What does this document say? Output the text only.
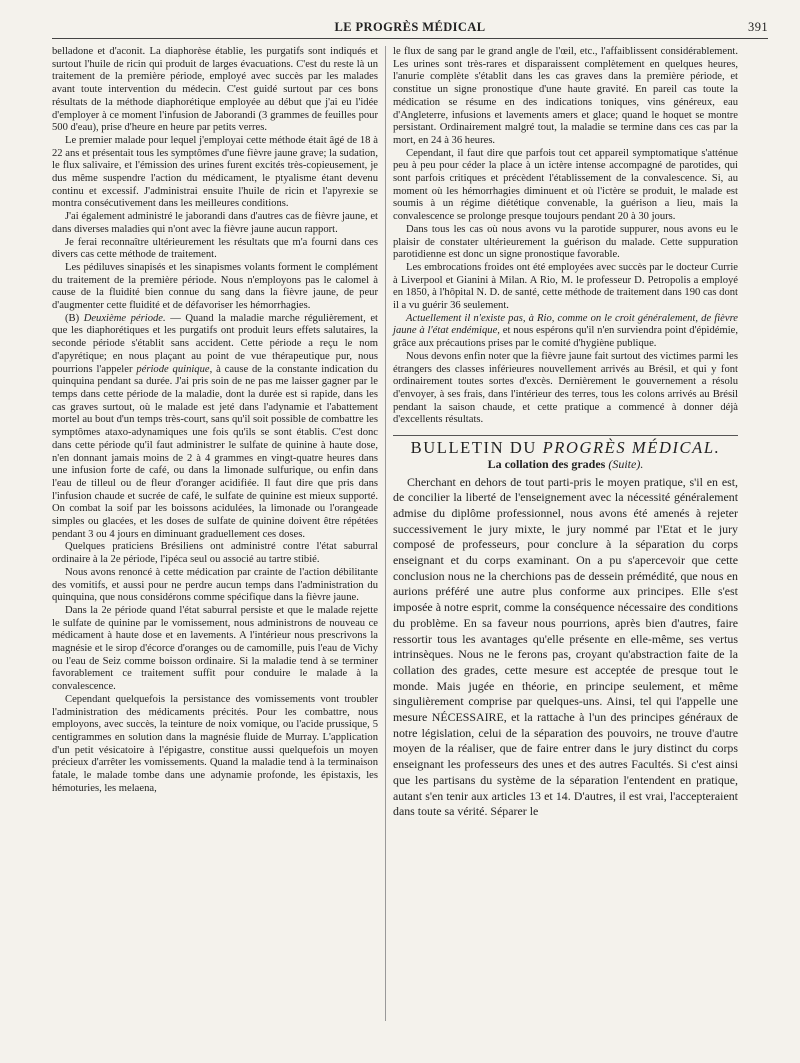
LE PROGRÈS MÉDICAL	391

belladone et d'aconit. La diaphorèse établie, les purgatifs sont indiqués et surtout l'huile de ricin qui produit de larges évacuations. C'est du reste là un traitement de la première période, employé avec succès par les malades avant toute intervention du médecin. C'est guidé surtout par ces bons résultats de la méthode diaphorétique employée au début que j'ai eu l'idée d'employer à ce moment l'infusion de Jaborandi (3 grammes de feuilles pour 500 d'eau), prise d'heure en heure par petits verres.

Le premier malade pour lequel j'employai cette méthode était âgé de 18 à 22 ans et présentait tous les symptômes d'une fièvre jaune grave; la sudation, le flux salivaire, et l'émission des urines furent excités très-copieusement, je dus même suspendre l'action du médicament, le ptyalisme étant devenu continu et excessif. J'administrai ensuite l'huile de ricin et l'apyrexie se montra consécutivement dans les meilleures conditions.

J'ai également administré le jaborandi dans d'autres cas de fièvre jaune, et dans diverses maladies qui n'ont avec la fièvre jaune aucun rapport.

Je ferai reconnaître ultérieurement les résultats que m'a fourni dans ces divers cas cette méthode de traitement.

Les pédiluves sinapisés et les sinapismes volants forment le complément du traitement de la première période. Nous n'employons pas le calomel à cause de la fluidité bien connue du sang dans la fièvre jaune, de peur d'augmenter cette fluidité et de défavoriser les hémorrhagies.

(B) Deuxième période. — Quand la maladie marche régulièrement, et que les diaphorétiques et les purgatifs ont produit leurs effets salutaires, la seconde période s'établit sans accident. Cette période a reçu le nom d'apyrétique; en nous plaçant au point de vue thérapeutique pur, nous pourrions l'appeler période quinique, à cause de la constante indication du quinquina pendant sa durée. J'ai pris soin de ne pas me laisser gagner par le temps dans cette période de la maladie, dont la durée est si rapide, dans les cas graves surtout, où le malade est jeté dans l'adynamie et l'abattement mortel au bout d'un temps très-court, sans qu'il soit possible de combattre les symptômes ataxo-adynamiques une fois qu'ils se sont établis. C'est donc dans cette période qu'il faut administrer le sulfate de quinine à haute dose, n'en donnant jamais moins de 2 à 4 grammes en vingt-quatre heures dans une infusion forte de café, ou dans la limonade sulfurique, ou enfin dans l'eau de tilleul ou de fleur d'oranger acidifiée. Il faut dire que pris dans l'infusion chaude et sucrée de café, le sulfate de quinine est mieux supporté. On combat la soif par les boissons acidulées, la limonade ou l'orangeade simples ou glacées, et les doses de sulfate de quinine doivent être répétées pendant 3 ou 4 jours en diminuant graduellement ces doses.

Quelques praticiens Brésiliens ont administré contre l'état saburral ordinaire à la 2e période, l'ipéca seul ou associé au tartre stibié.

Nous avons renoncé à cette médication par crainte de l'action débilitante des vomitifs, et aussi pour ne perdre aucun temps dans l'administration du quinquina, que nous considérons comme spécifique dans la fièvre jaune.

Dans la 2e période quand l'état saburral persiste et que le malade rejette le sulfate de quinine par le vomissement, nous administrons de nouveau ce médicament à haute dose et en lavements. A l'intérieur nous prescrivons la magnésie et le sirop d'écorce d'oranges ou de camomille, puis l'eau de Vichy ou l'eau de Seiz comme boisson ordinaire. Si la maladie tend à se terminer favorablement ce traitement suffit pour conduire le malade à la convalescence.

Cependant quelquefois la persistance des vomissements vont troubler l'administration des médicaments précités. Pour les combattre, nous employons, avec succès, la teinture de noix vomique, ou l'acide prussique, 5 centigrammes en solution dans la magnésie fluide de Murray. L'application d'un petit vésicatoire à l'épigastre, constitue aussi quelquefois un moyen précieux d'arrêter les vomissements. Quand la maladie tend à la terminaison fatale, le malade tombe dans une adynamie profonde, les épistaxis, les hémoturies, les melaena,

le flux de sang par le grand angle de l'œil, etc., l'affaiblissent considérablement. Les urines sont très-rares et disparaissent complètement en quelques heures, l'anurie complète s'établit dans les cas graves dans la première période, et constitue un signe pronostique d'une haute gravité. En pareil cas toute la médication se résume en des indications toniques, vins généreux, eau d'Angleterre, infusions et lavements amers et glace; quand le hoquet se montre persistant. Ordinairement malgré tout, la maladie se termine dans ces cas par la mort, en 24 à 36 heures.

Cependant, il faut dire que parfois tout cet appareil symptomatique s'atténue peu à peu pour céder la place à un ictère intense accompagné de parotides, qui sont parfois critiques et précèdent l'établissement de la convalescence. Si, au moment où les hémorrhagies diminuent et où l'ictère se produit, le malade est soumis à un régime diététique convenable, la guérison a lieu, mais la convalescence se prolonge presque toujours pendant 20 à 30 jours.

Dans tous les cas où nous avons vu la parotide suppurer, nous avons eu le plaisir de constater ultérieurement la guérison du malade. Cette suppuration parotidienne est donc un signe pronostique favorable.

Les embrocations froides ont été employées avec succès par le docteur Currie à Liverpool et Gianini à Milan. A Rio, M. le professeur D. Petropolis a employé en 1850, à l'hôpital N. D. de santé, cette méthode de traitement dans 190 cas dont il a vu guérir 36 seulement.

Actuellement il n'existe pas, à Rio, comme on le croit généralement, de fièvre jaune à l'état endémique, et nous espérons qu'il n'en surviendra point d'épidémie, grâce aux précautions prises par le comité d'hygiène publique.

Nous devons enfin noter que la fièvre jaune fait surtout des victimes parmi les étrangers des classes inférieures nouvellement arrivés au Brésil, et qui y font ordinairement toutes sortes d'excès. Dernièrement le gouvernement a résolu d'envoyer, à ses frais, dans l'intérieur des terres, tous les colons arrivés au Brésil pendant la saison chaude, et cette pratique a commencé à donner déjà d'excellents résultats.

BULLETIN DU PROGRÈS MÉDICAL.
La collation des grades (Suite).

Cherchant en dehors de tout parti-pris le moyen pratique, s'il en est, de concilier la liberté de l'enseignement avec la nécessité généralement admise du diplôme professionnel, nous avons été amenés à rejeter successivement le jury mixte, le jury nommé par l'Etat et le jury composé de professeurs, pour conclure à la séparation du corps enseignant et du corps examinant. On a pu s'apercevoir que cette conclusion nous ne la cherchions pas de dessein prémédité, que nous en aurions préféré une autre plus conforme aux principes. Elle s'est imposée à notre esprit, comme la conséquence nécessaire des conditions du problème. En sa faveur nous pourrions, après bien d'autres, faire ressortir tous les avantages qu'elle présente en elle-même, ses vertus intrinsèques. Nous ne le ferons pas, croyant qu'abstraction faite de la collation des grades, cette mesure est acceptée de presque tout le monde. Mais jugée en théorie, en principe seulement, et même singulièrement comprise par quelques-uns. Ainsi, tel qui l'appelle une mesure NÉCESSAIRE, et la rattache à l'un des principes généraux de notre législation, celui de la séparation des pouvoirs, ne trouve d'autre moyen de la réaliser, que de faire entrer dans le jury distinct du corps enseignant les professeurs des unes et des autres Facultés. Si c'est ainsi que les partisans du système de la séparation l'entendent en pratique, autant s'en tenir aux articles 13 et 14. D'autres, il est vrai, l'accepteraient dans toute sa vérité. Séparer le
